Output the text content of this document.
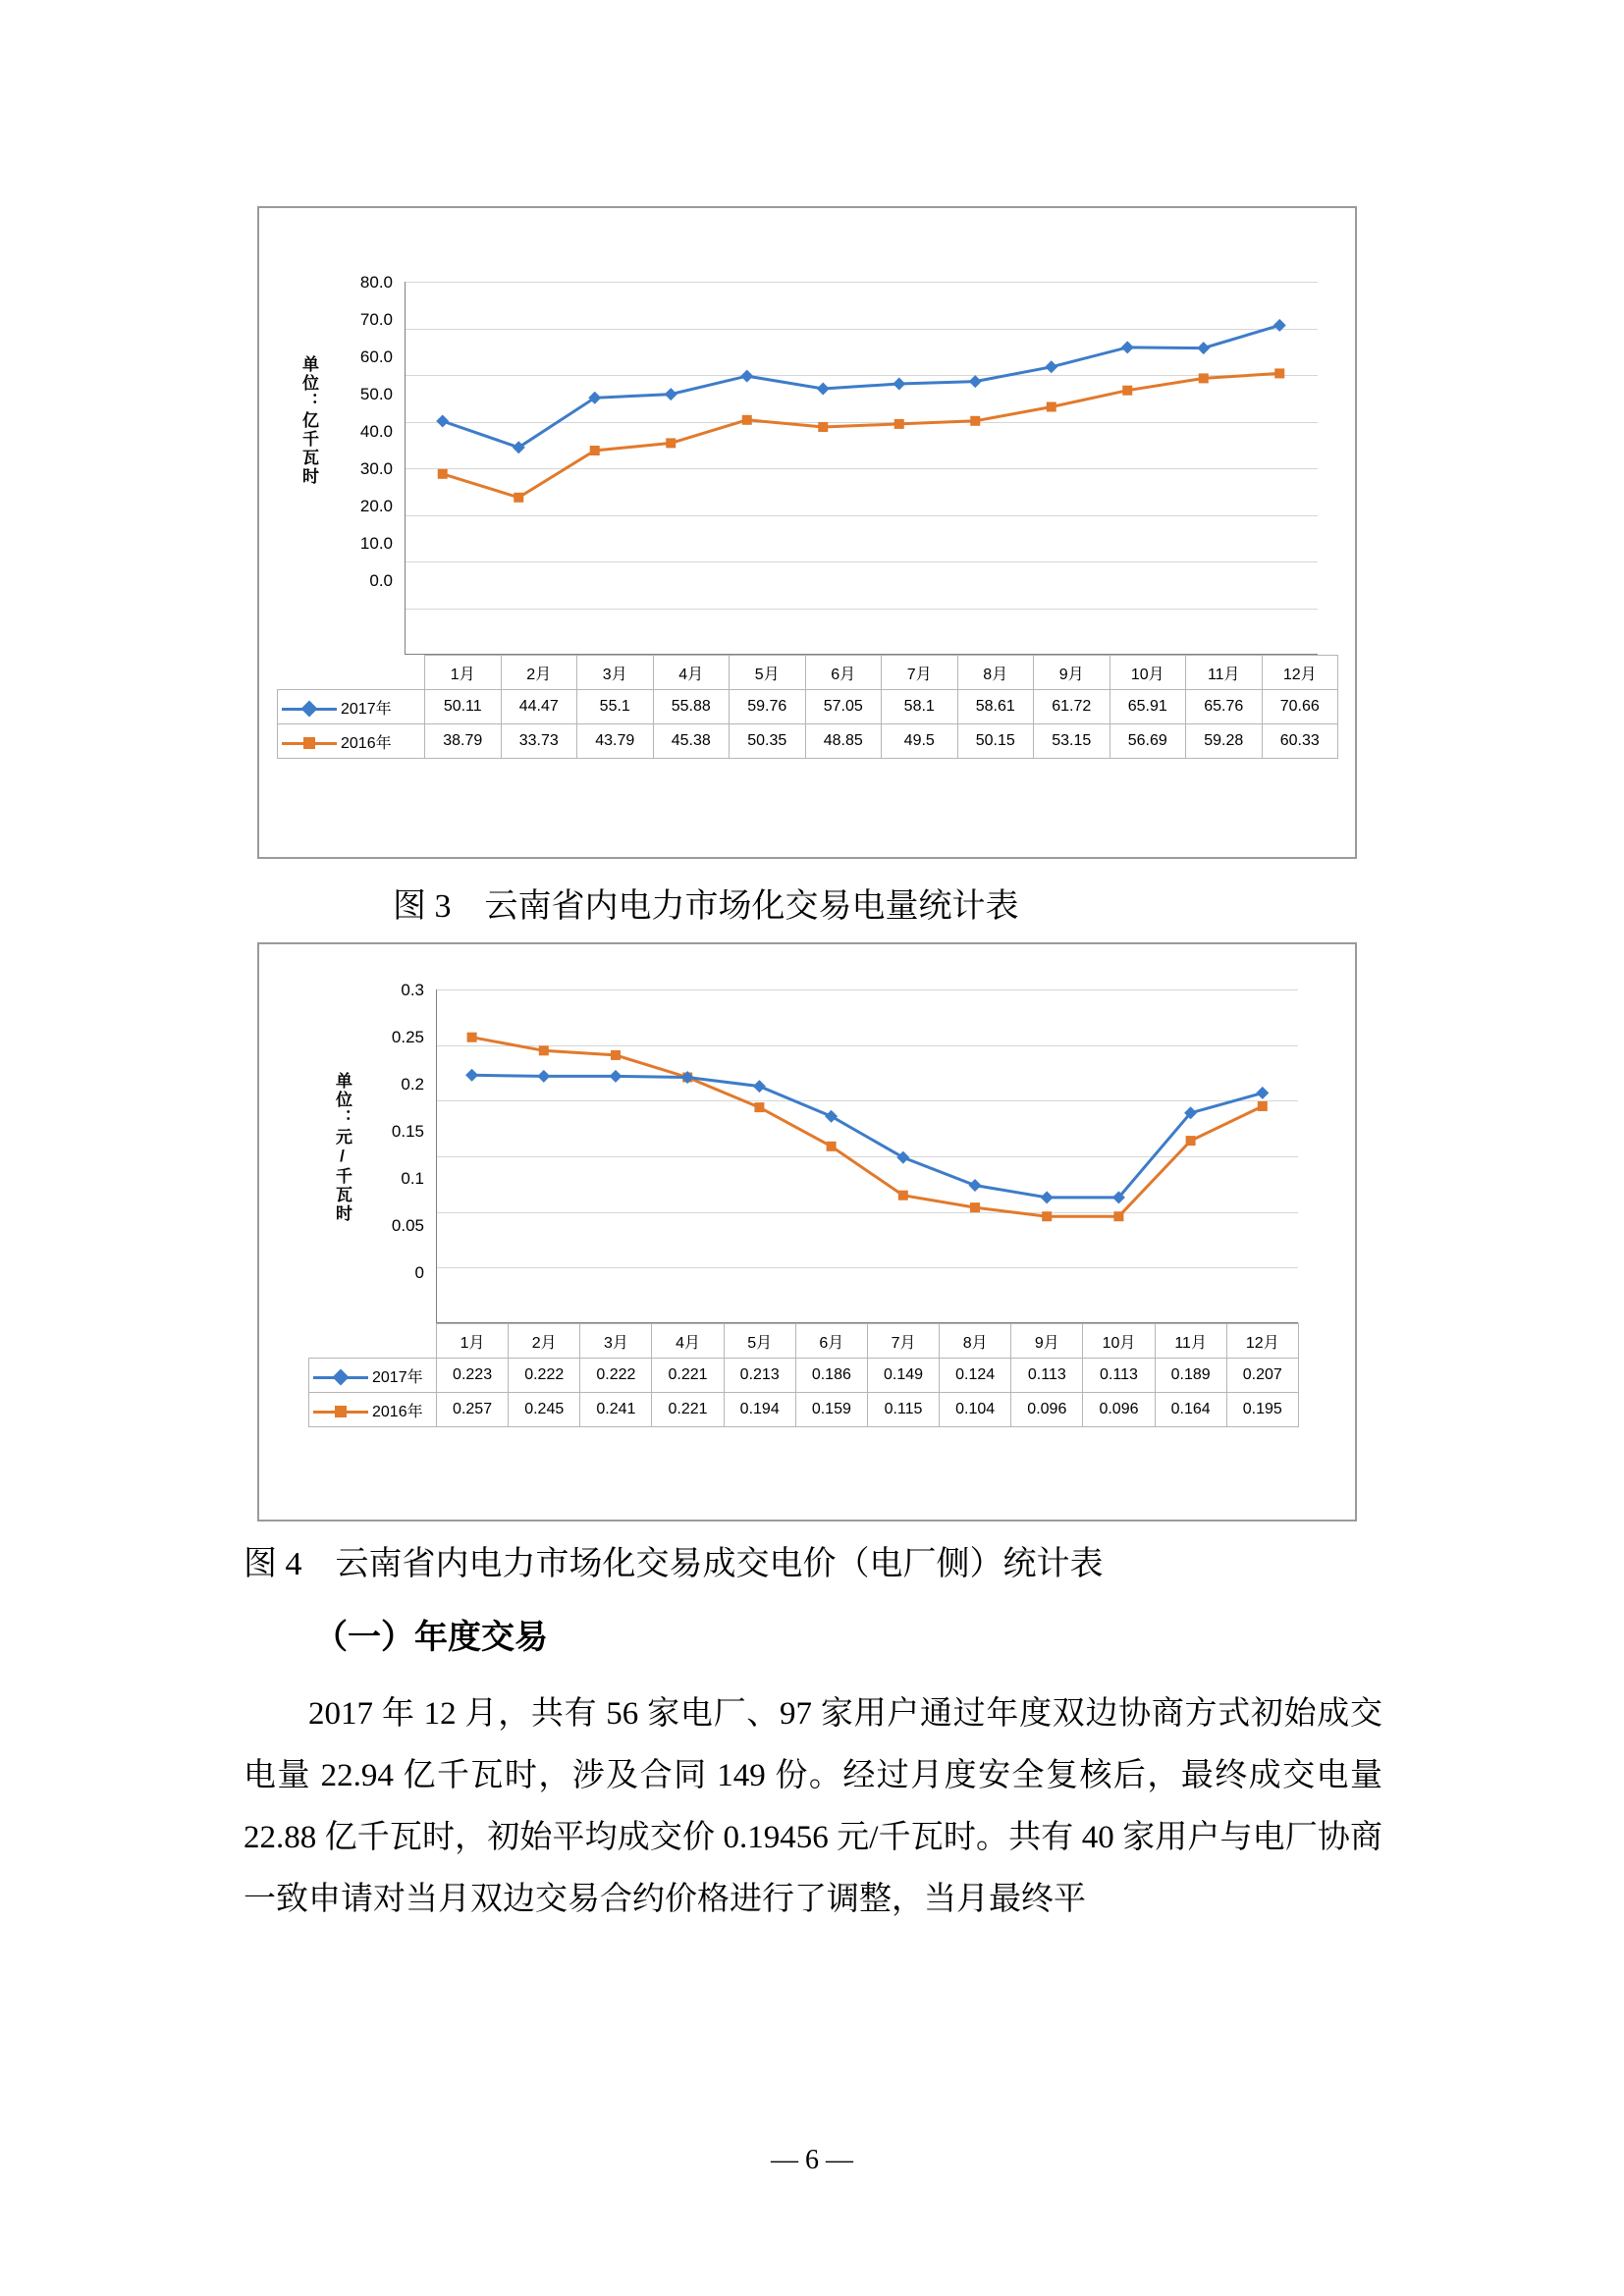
单位：亿千瓦时
0.0
10.0
20.0
30.0
40.0
50.0
60.0
70.0
80.0
	1月	2月	3月	4月	5月	6月	7月	8月	9月	10月	11月	12月

2017年	50.11	44.47	55.1	55.88	59.76	57.05	58.1	58.61	61.72	65.91	65.76	70.66

2016年	38.79	33.73	43.79	45.38	50.35	48.85	49.5	50.15	53.15	56.69	59.28	60.33
图 3　云南省内电力市场化交易电量统计表
单位：元/千瓦时
0
0.05
0.1
0.15
0.2
0.25
0.3
	1月	2月	3月	4月	5月	6月	7月	8月	9月	10月	11月	12月

2017年	0.223	0.222	0.222	0.221	0.213	0.186	0.149	0.124	0.113	0.113	0.189	0.207

2016年	0.257	0.245	0.241	0.221	0.194	0.159	0.115	0.104	0.096	0.096	0.164	0.195
图 4　云南省内电力市场化交易成交电价（电厂侧）统计表
（一）年度交易
2017 年 12 月，共有 56 家电厂、97 家用户通过年度双边协商方式初始成交电量 22.94 亿千瓦时，涉及合同 149 份。经过月度安全复核后，最终成交电量 22.88 亿千瓦时，初始平均成交价 0.19456 元/千瓦时。共有 40 家用户与电厂协商一致申请对当月双边交易合约价格进行了调整，当月最终平
— 6 —
